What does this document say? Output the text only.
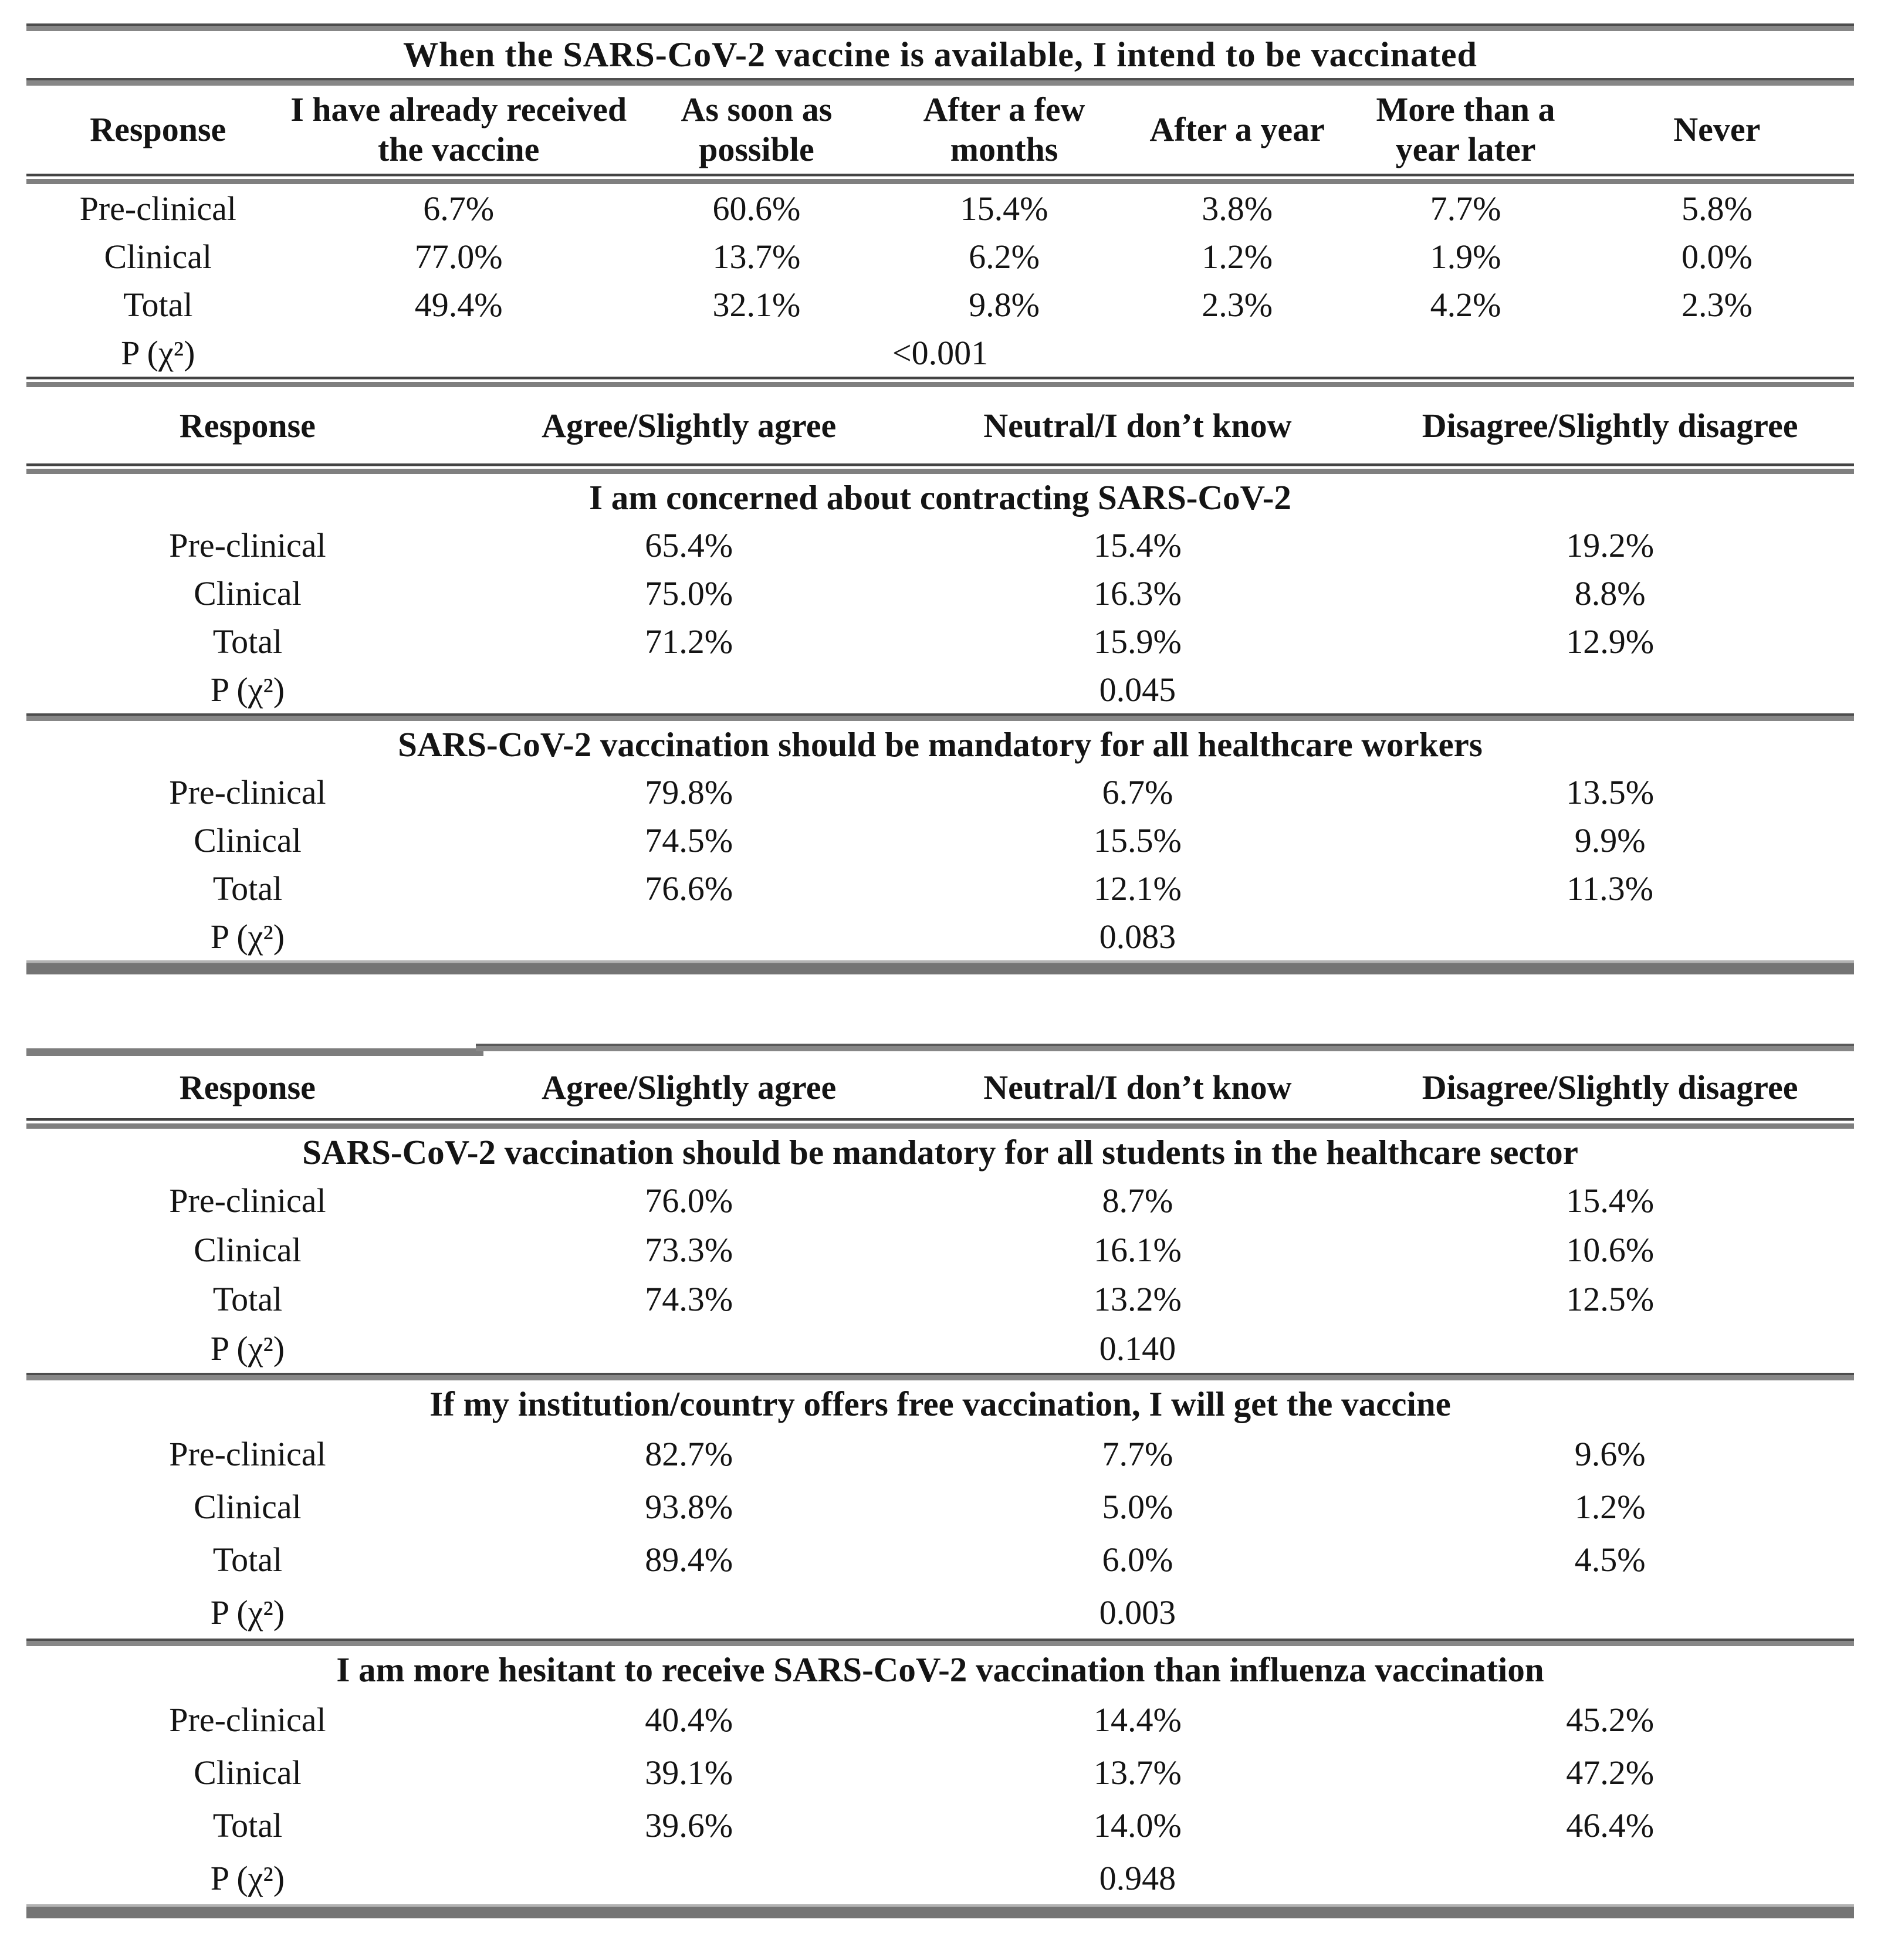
When the SARS-CoV-2 vaccine is available, I intend to be vaccinated
Response	I have already received the vaccine	As soon as possible	After a few months	After a year	More than a year later	Never
Pre-clinical	6.7%	60.6%	15.4%	3.8%	7.7%	5.8%
Clinical	77.0%	13.7%	6.2%	1.2%	1.9%	0.0%
Total	49.4%	32.1%	9.8%	2.3%	4.2%	2.3%

P (χ²) <0.001						
Response	Agree/Slightly agree	Neutral/I don’t know	Disagree/Slightly disagree
I am concerned about contracting SARS-CoV-2
Pre-clinical	65.4%	15.4%	19.2%
Clinical	75.0%	16.3%	8.8%
Total	71.2%	15.9%	12.9%
P (χ²)		0.045	
SARS-CoV-2 vaccination should be mandatory for all healthcare workers
Pre-clinical	79.8%	6.7%	13.5%
Clinical	74.5%	15.5%	9.9%
Total	76.6%	12.1%	11.3%
P (χ²)		0.083	
Response	Agree/Slightly agree	Neutral/I don’t know	Disagree/Slightly disagree
SARS-CoV-2 vaccination should be mandatory for all students in the healthcare sector
Pre-clinical	76.0%	8.7%	15.4%
Clinical	73.3%	16.1%	10.6%
Total	74.3%	13.2%	12.5%
P (χ²)		0.140	
If my institution/country offers free vaccination, I will get the vaccine
Pre-clinical	82.7%	7.7%	9.6%
Clinical	93.8%	5.0%	1.2%
Total	89.4%	6.0%	4.5%
P (χ²)		0.003	
I am more hesitant to receive SARS-CoV-2 vaccination than influenza vaccination
Pre-clinical	40.4%	14.4%	45.2%
Clinical	39.1%	13.7%	47.2%
Total	39.6%	14.0%	46.4%
P (χ²)		0.948	
